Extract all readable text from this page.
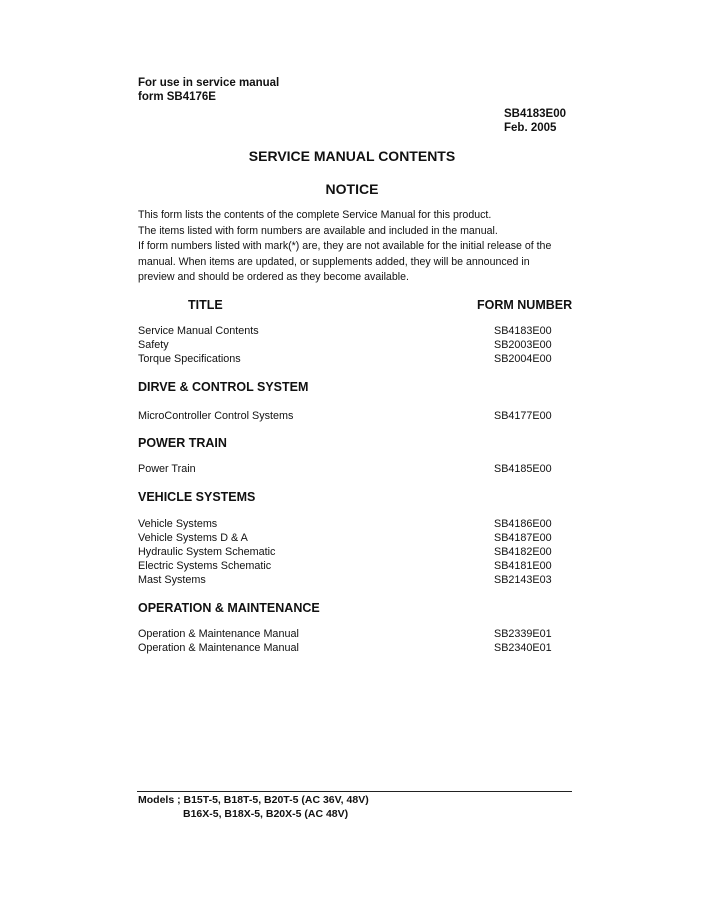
For use in service manual
form SB4176E
SB4183E00
Feb. 2005
SERVICE MANUAL CONTENTS
NOTICE
This form lists the contents of the complete Service Manual for this product.
The items listed with form numbers are available and included in the manual.
If form numbers listed with mark(*) are, they are not available for the initial release of the
manual. When items are updated, or supplements added, they will be announced in
preview and should be ordered as they become available.
TITLE	FORM NUMBER
Service Manual Contents	SB4183E00
Safety	SB2003E00
Torque Specifications	SB2004E00
DIRVE & CONTROL SYSTEM
MicroController Control Systems	SB4177E00
POWER TRAIN
Power Train	SB4185E00
VEHICLE SYSTEMS
Vehicle Systems	SB4186E00
Vehicle Systems D & A	SB4187E00
Hydraulic System Schematic	SB4182E00
Electric Systems Schematic	SB4181E00
Mast Systems	SB2143E03
OPERATION & MAINTENANCE
Operation & Maintenance Manual	SB2339E01
Operation & Maintenance Manual	SB2340E01
Models ; B15T-5, B18T-5, B20T-5 (AC 36V, 48V)
B16X-5, B18X-5, B20X-5 (AC 48V)
